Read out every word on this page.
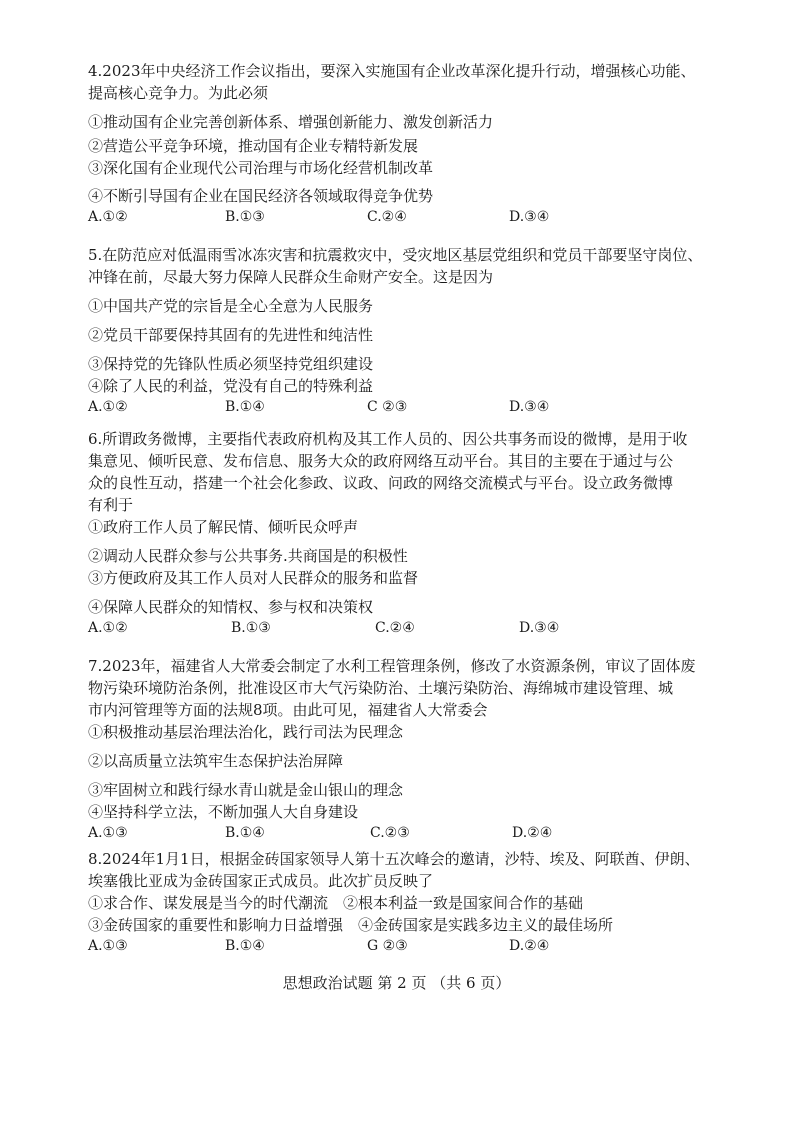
4.2023年中央经济工作会议指出，要深入实施国有企业改革深化提升行动，增强核心功能、
提高核心竞争力。为此必须
①推动国有企业完善创新体系、增强创新能力、激发创新活力
②营造公平竞争环境，推动国有企业专精特新发展
③深化国有企业现代公司治理与市场化经营机制改革
④不断引导国有企业在国民经济各领域取得竞争优势
A.①②	B.①③	C.②④	D.③④
5.在防范应对低温雨雪冰冻灾害和抗震救灾中，受灾地区基层党组织和党员干部要坚守岗位、
冲锋在前，尽最大努力保障人民群众生命财产安全。这是因为
①中国共产党的宗旨是全心全意为人民服务
②党员干部要保持其固有的先进性和纯洁性
③保持党的先锋队性质必须坚持党组织建设
④除了人民的利益，党没有自己的特殊利益
A.①②	B.①④	C ②③	D.③④
6.所谓政务微博，主要指代表政府机构及其工作人员的、因公共事务而设的微博，是用于收
集意见、倾听民意、发布信息、服务大众的政府网络互动平台。其目的主要在于通过与公
众的良性互动，搭建一个社会化参政、议政、问政的网络交流模式与平台。设立政务微博
有利于
①政府工作人员了解民情、倾听民众呼声
②调动人民群众参与公共事务.共商国是的积极性
③方便政府及其工作人员对人民群众的服务和监督
④保障人民群众的知情权、参与权和决策权
A.①②	B.①③	C.②④	D.③④
7.2023年，福建省人大常委会制定了水利工程管理条例，修改了水资源条例，审议了固体废
物污染环境防治条例，批准设区市大气污染防治、土壤污染防治、海绵城市建设管理、城
市内河管理等方面的法规8项。由此可见，福建省人大常委会
①积极推动基层治理法治化，践行司法为民理念
②以高质量立法筑牢生态保护法治屏障
③牢固树立和践行绿水青山就是金山银山的理念
④坚持科学立法，不断加强人大自身建设
A.①③	B.①④	C.②③	D.②④
8.2024年1月1日，根据金砖国家领导人第十五次峰会的邀请，沙特、埃及、阿联酋、伊朗、
埃塞俄比亚成为金砖国家正式成员。此次扩员反映了
①求合作、谋发展是当今的时代潮流　②根本利益一致是国家间合作的基础
③金砖国家的重要性和影响力日益增强　④金砖国家是实践多边主义的最佳场所
A.①③	B.①④	G ②③	D.②④
思想政治试题 第 2 页 （共 6 页）
